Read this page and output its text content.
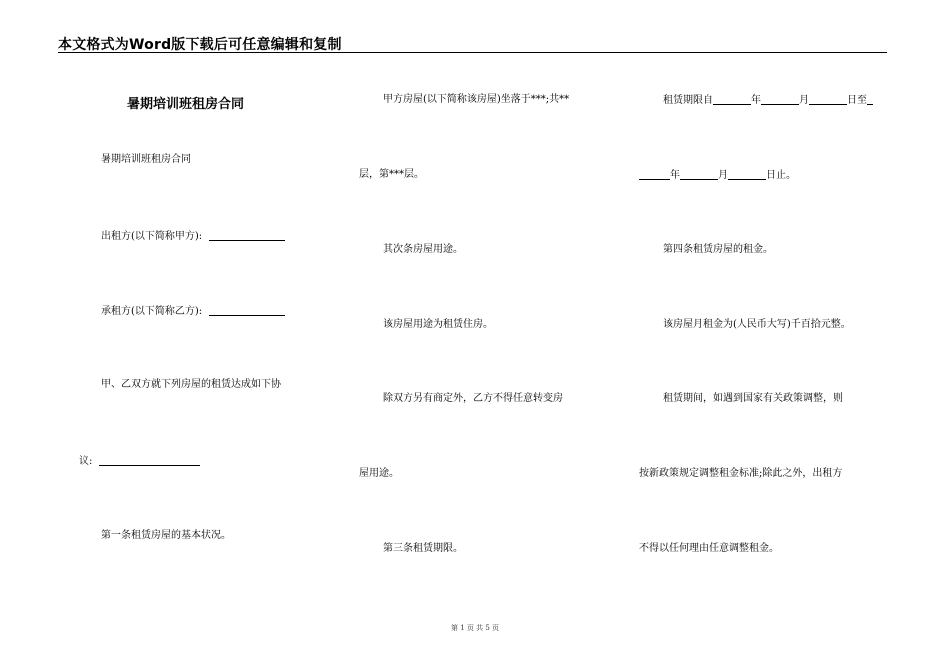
本文格式为Word版下载后可任意编辑和复制
暑期培训班租房合同
暑期培训班租房合同
出租方(以下简称甲方):
承租方(以下简称乙方):
甲、乙双方就下列房屋的租赁达成如下协
议:
第一条租赁房屋的基本状况。
甲方房屋(以下简称该房屋)坐落于***;共**
层，第***层。
其次条房屋用途。
该房屋用途为租赁住房。
除双方另有商定外，乙方不得任意转变房
屋用途。
第三条租赁期限。
租赁期限自	年	月	日至
年	月	日止。
第四条租赁房屋的租金。
该房屋月租金为(人民币大写)千百拾元整。
租赁期间，如遇到国家有关政策调整，则
按新政策规定调整租金标准;除此之外，出租方
不得以任何理由任意调整租金。
第 1 页 共 5 页
